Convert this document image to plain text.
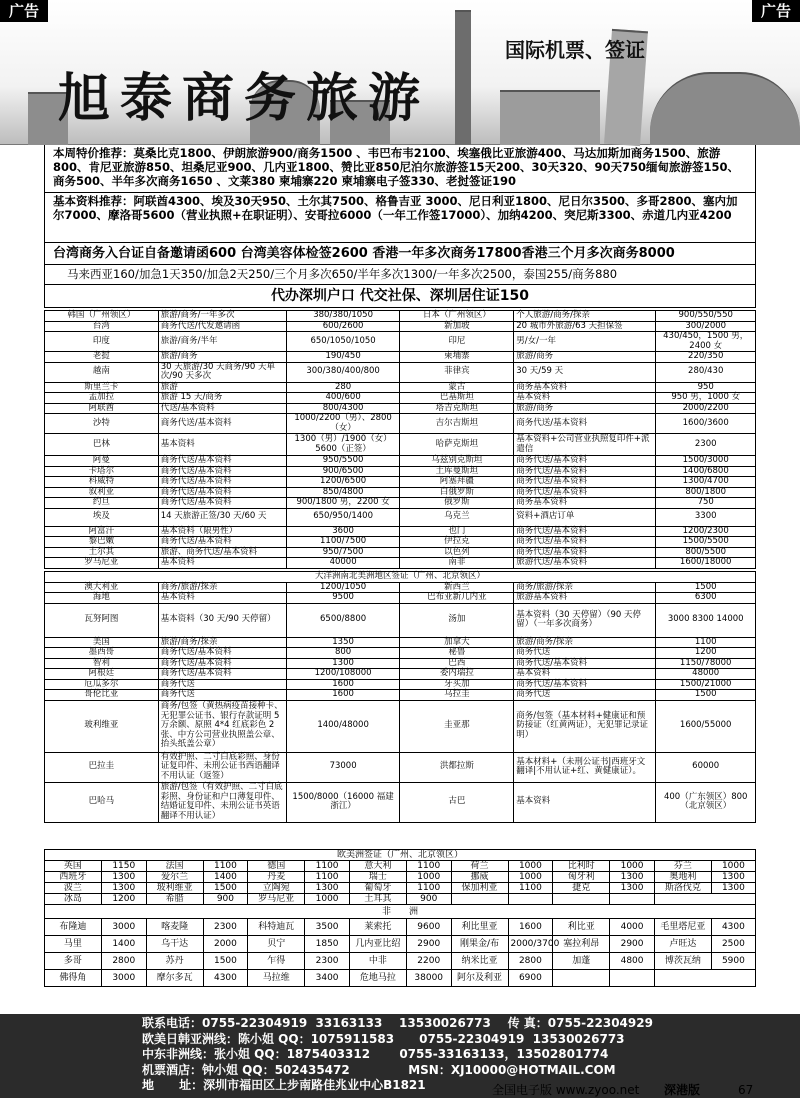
旭泰商务旅游
国际机票、签证
广告	广告
本周特价推荐：莫桑比克1800、伊朗旅游900/商务1500 、韦巴布韦2100、埃塞俄比亚旅游400、马达加斯加商务1500、旅游800、肯尼亚旅游850、坦桑尼亚900、几内亚1800、赞比亚850尼泊尔旅游签15天200、30天320、90天750缅甸旅游签150、商务500、半年多次商务1650 、文莱380 柬埔寨220 柬埔寨电子签330、老挝签证190
基本资料推荐：阿联酋4300、埃及30天950、土尔其7500、格鲁吉亚 3000、尼日利亚1800、尼日尔3500、多哥2800、塞内加尔7000、摩洛哥5600（营业执照+在职证明）、安哥拉6000（一年工作签17000）、加纳4200、突尼斯3300、赤道几内亚4200
台湾商务入台证自备邀请函600 台湾美容体检签2600 香港一年多次商务17800香港三个月多次商务8000
马来西亚160/加急1天350/加急2天250/三个月多次650/半年多次1300/一年多次2500，泰国255/商务880
代办深圳户口 代交社保、深圳居住证150
韩国（广州领区）	旅游/商务/一年多次	380/380/1050	日本（广州领区）	个人旅游/商务/探亲	900/550/550
台湾	商务代送/代发邀请函	600/2600	新加坡	20 城市外旅游/63 天担保签	300/2000
印度	旅游/商务/半年	650/1050/1050	印尼	男/女/一年	430/450，1500 男，2400 女
老挝	旅游/商务	190/450	柬埔寨	旅游/商务	220/350
越南	30 天旅游/30 天商务/90 天单次/90 天多次	300/380/400/800	菲律宾	30 天/59 天	280/430
斯里兰卡	旅游	280	蒙古	商务基本资料	950
孟加拉	旅游 15 天/商务	400/600	巴基斯坦	基本资料	950 男，1000 女
阿联酋	代送/基本资料	800/4300	塔吉克斯坦	旅游/商务	2000/2200
沙特	商务代送/基本资料	1000/2200（男）、2800（女）	吉尔吉斯坦	商务代送/基本资料	1600/3600
巴林	基本资料	1300（男）/1900（女）5600（正签）	哈萨克斯坦	基本资料+公司营业执照复印件+派遣信	2300
阿曼	商务代送/基本资料	950/5500	乌兹别克斯坦	商务代送/基本资料	1500/3000
卡塔尔	商务代送/基本资料	900/6500	土库曼斯坦	商务代送/基本资料	1400/6800
科威特	商务代送/基本资料	1200/6500	阿塞拜疆	商务代送/基本资料	1300/4700
叙利亚	商务代送/基本资料	850/4800	白俄罗斯	商务代送/基本资料	800/1800
约旦	商务代送/基本资料	900/1800 男，2200 女	俄罗斯	商务基本资料	750
埃及	14 天旅游正签/30 天/60 天	650/950/1400	乌克兰	资料+酒店订单	3300
阿富汗	基本资料（限男性）	3600	也门	商务代送/基本资料	1200/2300
黎巴嫩	商务代送/基本资料	1100/7500	伊拉克	商务代送/基本资料	1500/5500
土尔其	旅游、商务代送/基本资料	950/7500	以色列	商务代送/基本资料	800/5500
罗马尼亚	基本资料	40000	南非	旅游代送/基本资料	1600/18000
大洋洲南北美洲地区签证（广州、北京领区）					
澳大利亚	商务/旅游/探亲	1200/1050	新西兰	商务/旅游/探亲	1500
海地	基本资料	9500	巴布亚新几内亚	旅游基本资料	6300
瓦努阿图	基本资料（30 天/90 天停留）	6500/8800	汤加	基本资料（30 天停留）（90 天停留）（一年多次商务）	3000 8300 14000
美国	旅游/商务/探亲	1350	加拿大	旅游/商务/探亲	1100
墨西哥	商务代送/基本资料	800	秘鲁	商务代送	1200
智利	商务代送/基本资料	1300	巴西	商务代送/基本资料	1150/78000
阿根廷	商务代送/基本资料	1200/108000	委内瑞拉	基本资料	48000
厄瓜多尔	商务代送	1600	牙买加	商务代送/基本资料	1500/21000
哥伦比亚	商务代送	1600	乌拉圭	商务代送	1500
玻利维亚	商务/包签（黄热病疫苗接种卡、无犯罪公证书、银行存款证明 5 万余额、原照 4*4 红底彩色 2 张、中方公司营业执照盖公章、抬头纸盖公章）	1400/48000	圭亚那	商务/包签（基本材料+健康证和预防接证（红黄两证），无犯罪记录证明）	1600/55000
巴拉圭	有效护照、二寸白底彩照、身份证复印件、未刑公证书西语翻译不用认证（返签）	73000	洪都拉斯	基本材料+（未刑公证书|西班牙文翻译|不用认证+红、黄健康证）。	60000
巴哈马	旅游/包签（有效护照、二寸白底彩照、身份证和户口薄复印件、结婚证复印件、未刑公证书英语翻译不用认证）	1500/8000（16000 福建浙江）	古巴	基本资料	400（广东领区）800（北京领区）
欧美洲签证（广州、北京领区）													
英国	1150	法国	1100	德国	1100	意大利	1100	荷兰	1000	比利时	1000	芬兰	1000
西班牙	1300	爱尔兰	1400	丹麦	1100	瑞士	1000	挪威	1000	匈牙利	1300	奥地利	1300
波兰	1300	玻利维亚	1500	立陶宛	1300	葡萄牙	1100	保加利亚	1100	捷克	1300	斯洛伐克	1300
冰岛	1200	希腊	900	罗马尼亚	1000	土耳其	900						
非　　洲													
布隆迪	3000	喀麦隆	2300	科特迪瓦	3500	莱索托	9600	利比里亚	1600	利比亚	4000	毛里塔尼亚	4300
马里	1400	乌干达	2000	贝宁	1850	几内亚比绍	2900	刚果金/布	2000/3700	塞拉利昂	2900	卢旺达	2500
多哥	2800	苏丹	1500	乍得	2300	中非	2200	纳米比亚	2800	加蓬	4800	博茨瓦纳	5900
佛得角	3000	摩尔多瓦	4300	马拉维	3400	危地马拉	38000	阿尔及利亚	6900				
联系电话：0755-22304919  33163133    13530026773    传 真：0755-22304929
欧美日韩亚洲线：陈小姐 QQ：1075911583      0755-22304919  13530026773
中东非洲线：张小姐 QQ：1875403312       0755-33163133，13502801774
机票酒店：钟小姐 QQ：502435472              MSN：XJ10000@HOTMAIL.COM
地      址：深圳市福田区上步南路佳兆业中心B1821	全国电子版 www.zyoo.net 深港版	67
